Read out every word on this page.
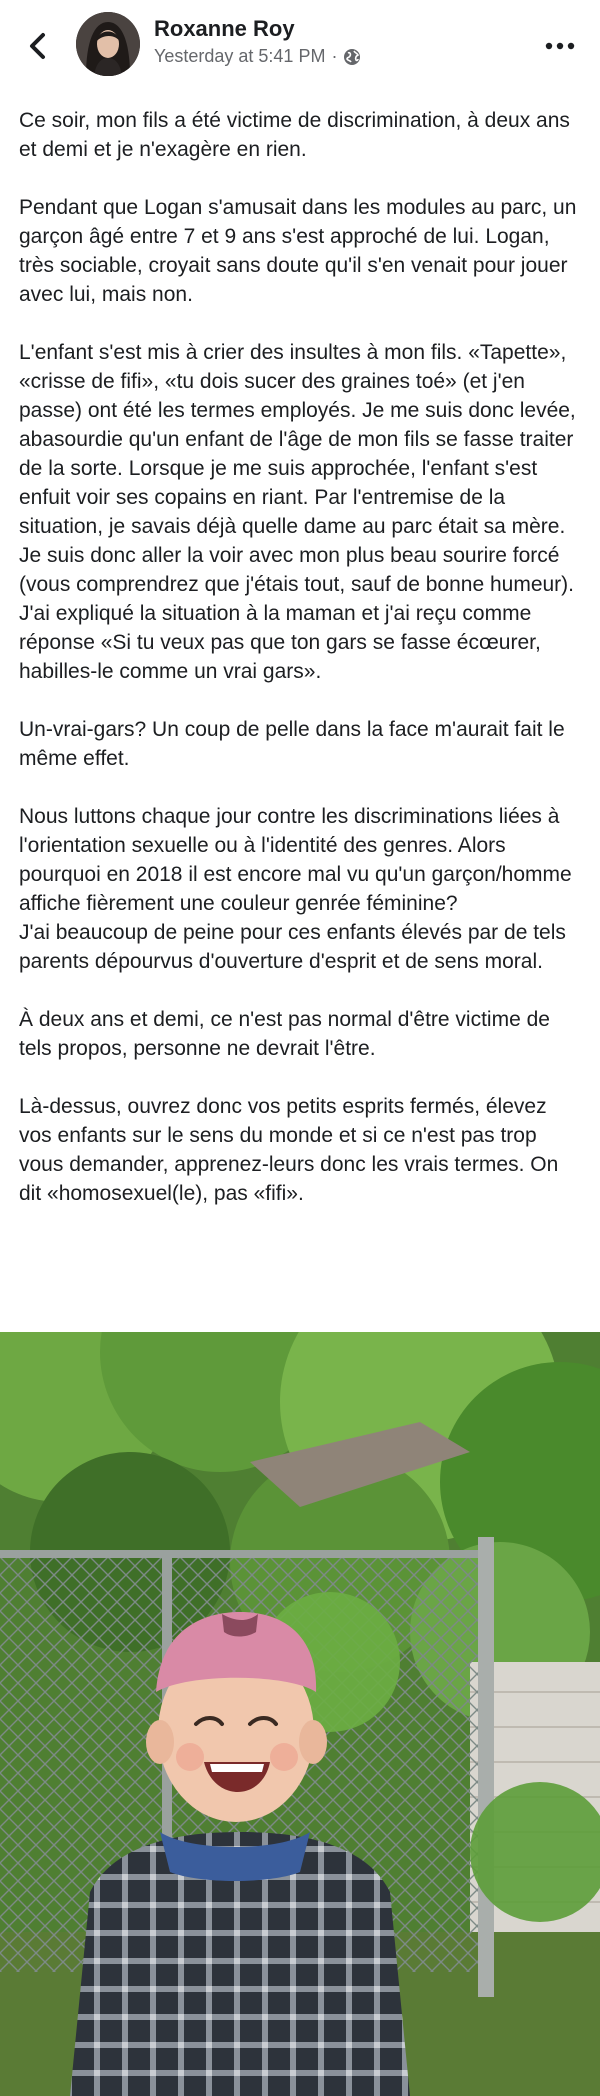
Roxanne Roy
Yesterday at 5:41 PM ·

Ce soir, mon fils a été victime de discrimination, à deux ans et demi et je n'exagère en rien.

Pendant que Logan s'amusait dans les modules au parc, un garçon âgé entre 7 et 9 ans s'est approché de lui. Logan, très sociable, croyait sans doute qu'il s'en venait pour jouer avec lui, mais non.

L'enfant s'est mis à crier des insultes à mon fils. «Tapette», «crisse de fifi», «tu dois sucer des graines toé» (et j'en passe) ont été les termes employés. Je me suis donc levée, abasourdie qu'un enfant de l'âge de mon fils se fasse traiter de la sorte. Lorsque je me suis approchée, l'enfant s'est enfuit voir ses copains en riant. Par l'entremise de la situation, je savais déjà quelle dame au parc était sa mère. Je suis donc aller la voir avec mon plus beau sourire forcé (vous comprendrez que j'étais tout, sauf de bonne humeur). J'ai expliqué la situation à la maman et j'ai reçu comme réponse «Si tu veux pas que ton gars se fasse écœurer, habilles-le comme un vrai gars».

Un-vrai-gars? Un coup de pelle dans la face m'aurait fait le même effet.

Nous luttons chaque jour contre les discriminations liées à l'orientation sexuelle ou à l'identité des genres. Alors pourquoi en 2018 il est encore mal vu qu'un garçon/homme affiche fièrement une couleur genrée féminine?

J'ai beaucoup de peine pour ces enfants élevés par de tels parents dépourvus d'ouverture d'esprit et de sens moral.

À deux ans et demi, ce n'est pas normal d'être victime de tels propos, personne ne devrait l'être.

Là-dessus, ouvrez donc vos petits esprits fermés, élevez vos enfants sur le sens du monde et si ce n'est pas trop vous demander, apprenez-leurs donc les vrais termes. On dit «homosexuel(le), pas «fifi».
